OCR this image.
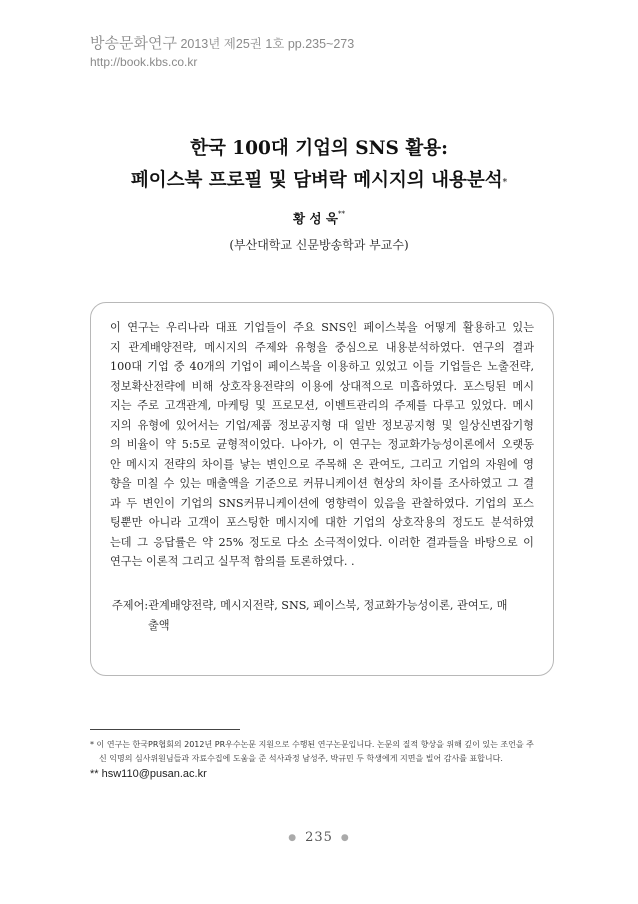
방송문화연구 2013년 제25권 1호 pp.235~273
http://book.kbs.co.kr
한국 100대 기업의 SNS 활용:
페이스북 프로필 및 담벼락 메시지의 내용분석*
황 성 욱**
(부산대학교 신문방송학과 부교수)
이 연구는 우리나라 대표 기업들이 주요 SNS인 페이스북을 어떻게 활용하고 있는
지 관계배양전략, 메시지의 주제와 유형을 중심으로 내용분석하였다. 연구의 결과
100대 기업 중 40개의 기업이 페이스북을 이용하고 있었고 이들 기업들은 노출전략,
정보확산전략에 비해 상호작용전략의 이용에 상대적으로 미흡하였다. 포스팅된 메시
지는 주로 고객관계, 마케팅 및 프로모션, 이벤트관리의 주제를 다루고 있었다. 메시
지의 유형에 있어서는 기업/제품 정보공지형 대 일반 정보공지형 및 일상신변잡기형
의 비율이 약 5:5로 균형적이었다. 나아가, 이 연구는 정교화가능성이론에서 오랫동
안 메시지 전략의 차이를 낳는 변인으로 주목해 온 관여도, 그리고 기업의 자원에 영
향을 미칠 수 있는 매출액을 기준으로 커뮤니케이션 현상의 차이를 조사하였고 그 결
과 두 변인이 기업의 SNS커뮤니케이션에 영향력이 있음을 관찰하였다. 기업의 포스
팅뿐만 아니라 고객이 포스팅한 메시지에 대한 기업의 상호작용의 정도도 분석하였
는데 그 응답률은 약 25% 정도로 다소 소극적이었다. 이러한 결과들을 바탕으로 이
연구는 이론적 그리고 실무적 함의를 토론하였다. .
주제어: 관계배양전략, 메시지전략, SNS, 페이스북, 정교화가능성이론, 관여도, 매
출액
* 이 연구는 한국PR협회의 2012년 PR우수논문 지원으로 수행된 연구논문입니다. 논문의 질적 향상을 위해 깊이 있는 조언을 주
신 익명의 심사위원님들과 자료수집에 도움을 준 석사과정 남성주, 박규민 두 학생에게 지면을 빌어 감사를 표합니다.
** hsw110@pusan.ac.kr
● 235 ●
